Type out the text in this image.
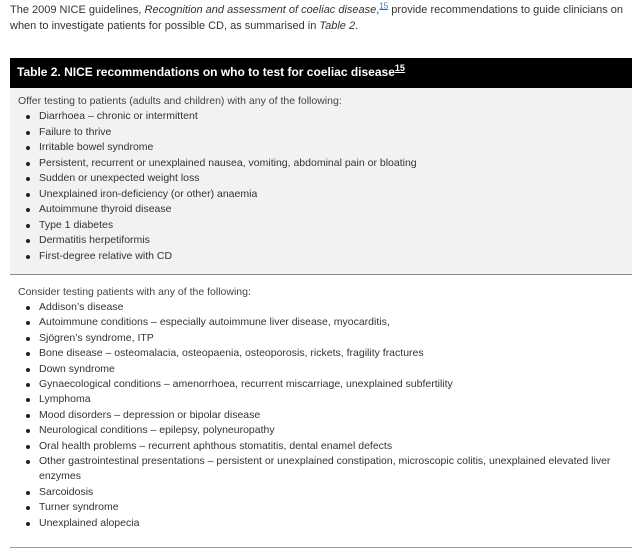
The 2009 NICE guidelines, Recognition and assessment of coeliac disease,$^{15}$ provide recommendations to guide clinicians on when to investigate patients for possible CD, as summarised in Table 2.
Table 2. NICE recommendations on who to test for coeliac disease$^{15}$
Offer testing to patients (adults and children) with any of the following:
Diarrhoea – chronic or intermittent
Failure to thrive
Irritable bowel syndrome
Persistent, recurrent or unexplained nausea, vomiting, abdominal pain or bloating
Sudden or unexpected weight loss
Unexplained iron-deficiency (or other) anaemia
Autoimmune thyroid disease
Type 1 diabetes
Dermatitis herpetiformis
First-degree relative with CD
Consider testing patients with any of the following:
Addison’s disease
Autoimmune conditions – especially autoimmune liver disease, myocarditis,
Sjögren’s syndrome, ITP
Bone disease – osteomalacia, osteopaenia, osteoporosis, rickets, fragility fractures
Down syndrome
Gynaecological conditions – amenorrhoea, recurrent miscarriage, unexplained subfertility
Lymphoma
Mood disorders – depression or bipolar disease
Neurological conditions – epilepsy, polyneuropathy
Oral health problems – recurrent aphthous stomatitis, dental enamel defects
Other gastrointestinal presentations – persistent or unexplained constipation, microscopic colitis, unexplained elevated liver enzymes
Sarcoidosis
Turner syndrome
Unexplained alopecia
